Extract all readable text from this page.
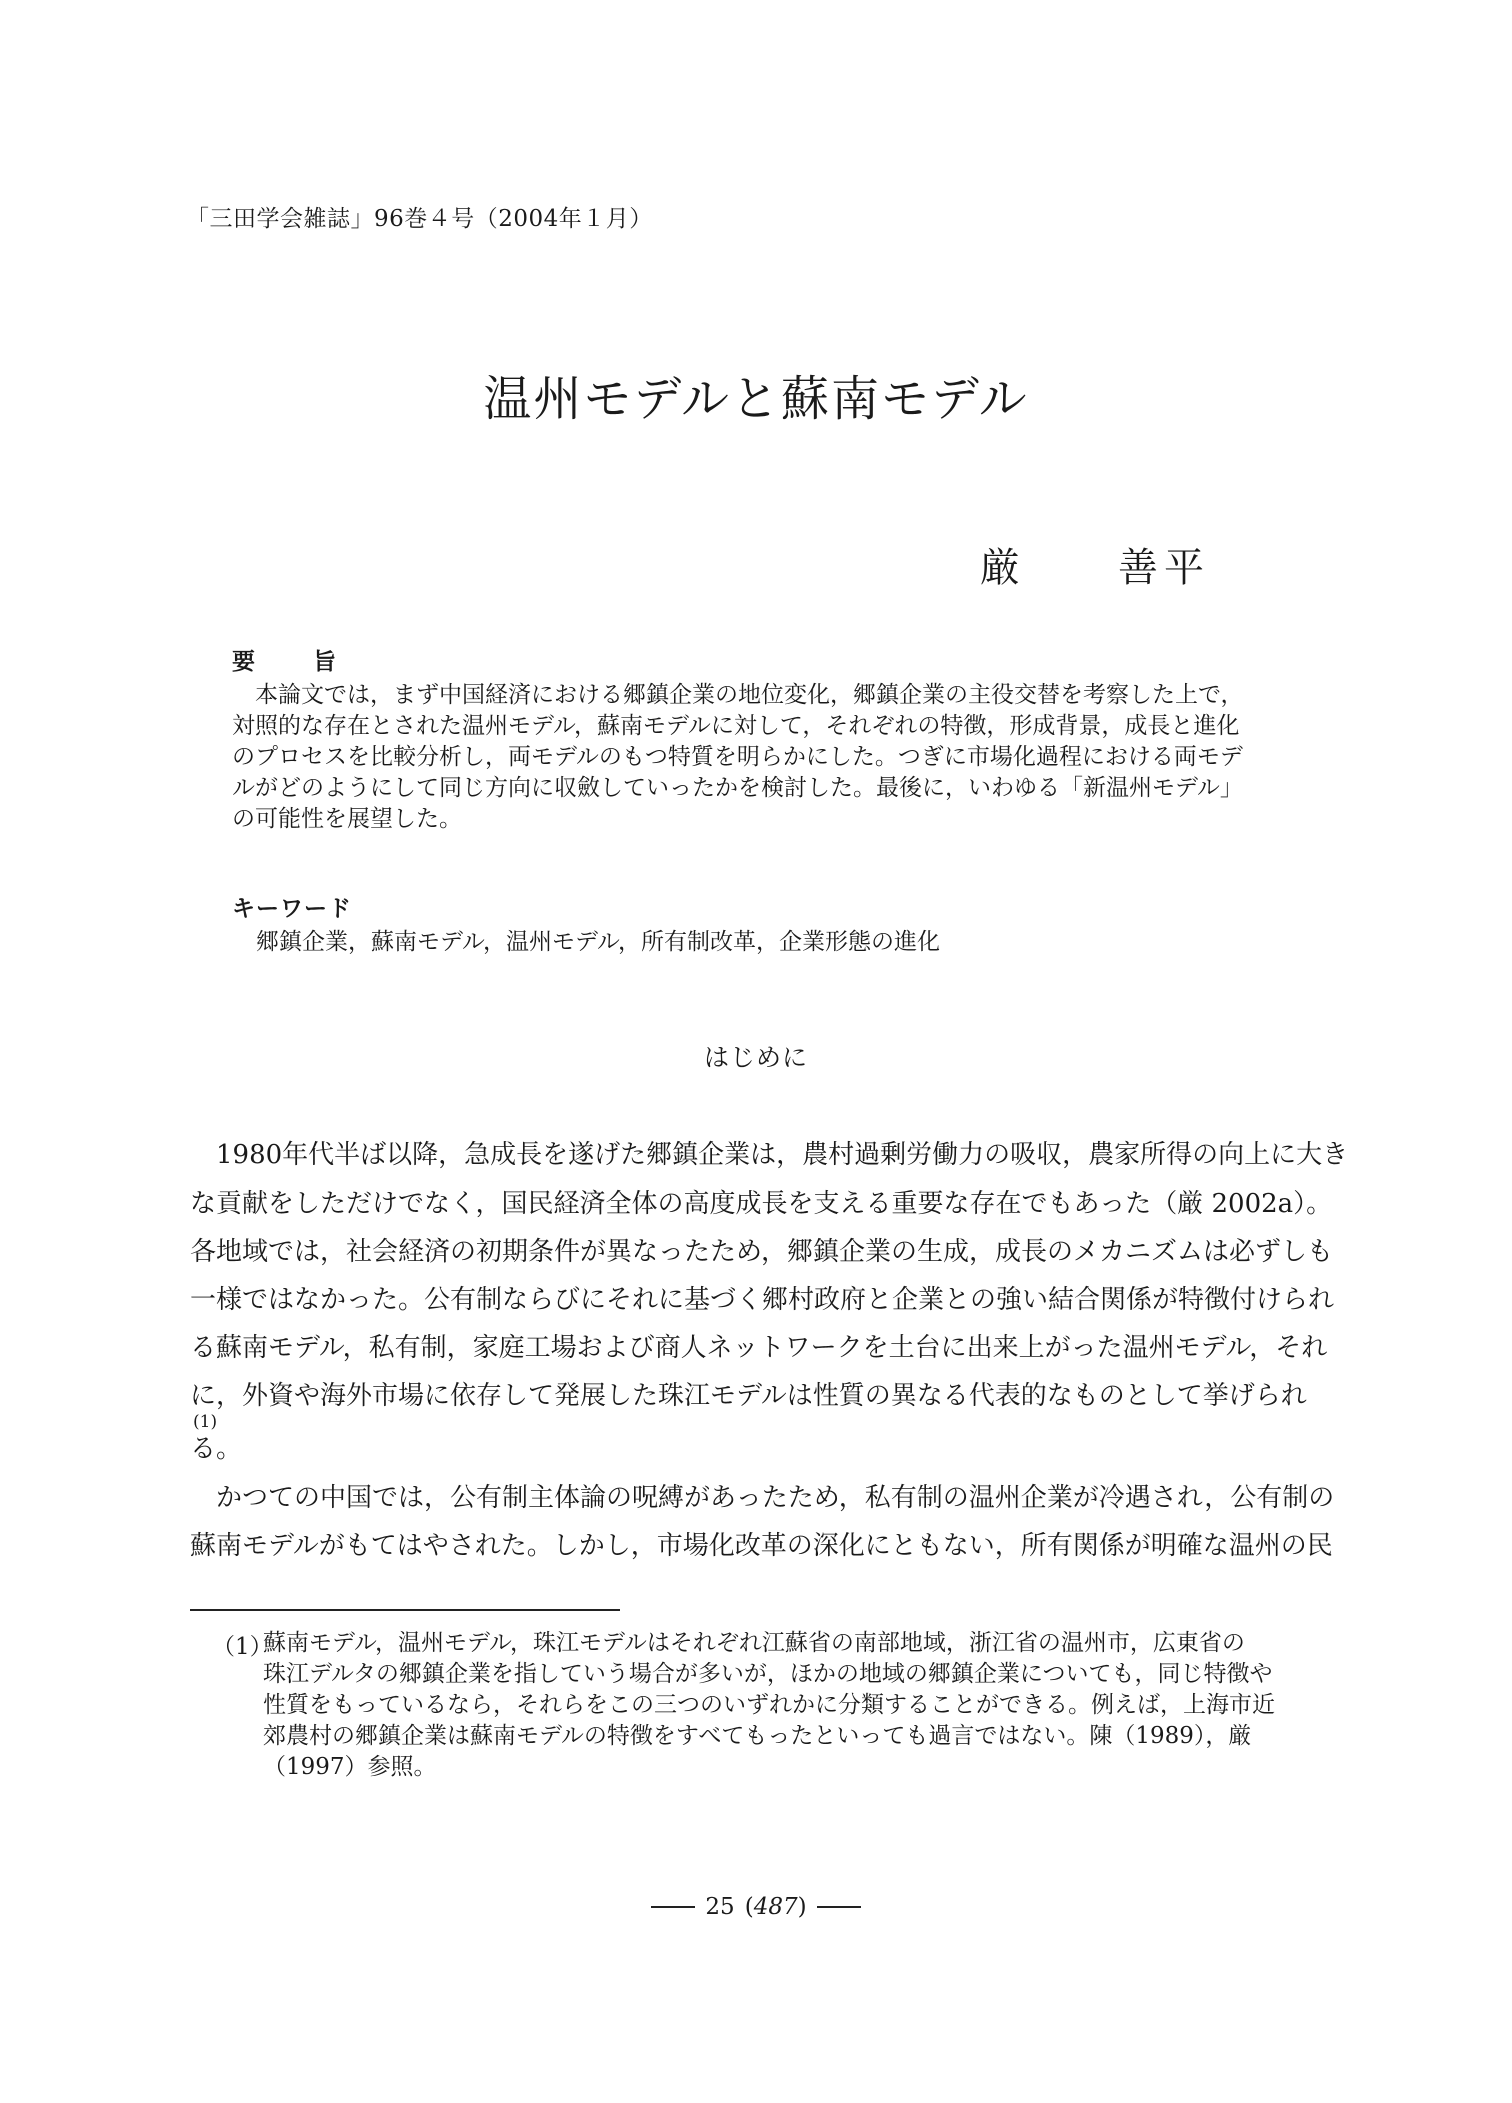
「三田学会雑誌」96巻４号（2004年１月）
温州モデルと蘇南モデル
厳　　善平
要　　旨
　本論文では，まず中国経済における郷鎮企業の地位変化，郷鎮企業の主役交替を考察した上で，
対照的な存在とされた温州モデル，蘇南モデルに対して，それぞれの特徴，形成背景，成長と進化
のプロセスを比較分析し，両モデルのもつ特質を明らかにした。つぎに市場化過程における両モデ
ルがどのようにして同じ方向に収斂していったかを検討した。最後に，いわゆる「新温州モデル」
の可能性を展望した。
キーワード
郷鎮企業，蘇南モデル，温州モデル，所有制改革，企業形態の進化
はじめに
　1980年代半ば以降，急成長を遂げた郷鎮企業は，農村過剰労働力の吸収，農家所得の向上に大き
な貢献をしただけでなく，国民経済全体の高度成長を支える重要な存在でもあった（厳 2002a）。
各地域では，社会経済の初期条件が異なったため，郷鎮企業の生成，成長のメカニズムは必ずしも
一様ではなかった。公有制ならびにそれに基づく郷村政府と企業との強い結合関係が特徴付けられ
る蘇南モデル，私有制，家庭工場および商人ネットワークを土台に出来上がった温州モデル，それ
に，外資や海外市場に依存して発展した珠江モデルは性質の異なる代表的なものとして挙げられ
(1)
る。
　かつての中国では，公有制主体論の呪縛があったため，私有制の温州企業が冷遇され，公有制の
蘇南モデルがもてはやされた。しかし，市場化改革の深化にともない，所有関係が明確な温州の民
（1）
蘇南モデル，温州モデル，珠江モデルはそれぞれ江蘇省の南部地域，浙江省の温州市，広東省の
珠江デルタの郷鎮企業を指していう場合が多いが，ほかの地域の郷鎮企業についても，同じ特徴や
性質をもっているなら，それらをこの三つのいずれかに分類することができる。例えば，上海市近
郊農村の郷鎮企業は蘇南モデルの特徴をすべてもったといっても過言ではない。陳（1989），厳
（1997）参照。
25 (487)
